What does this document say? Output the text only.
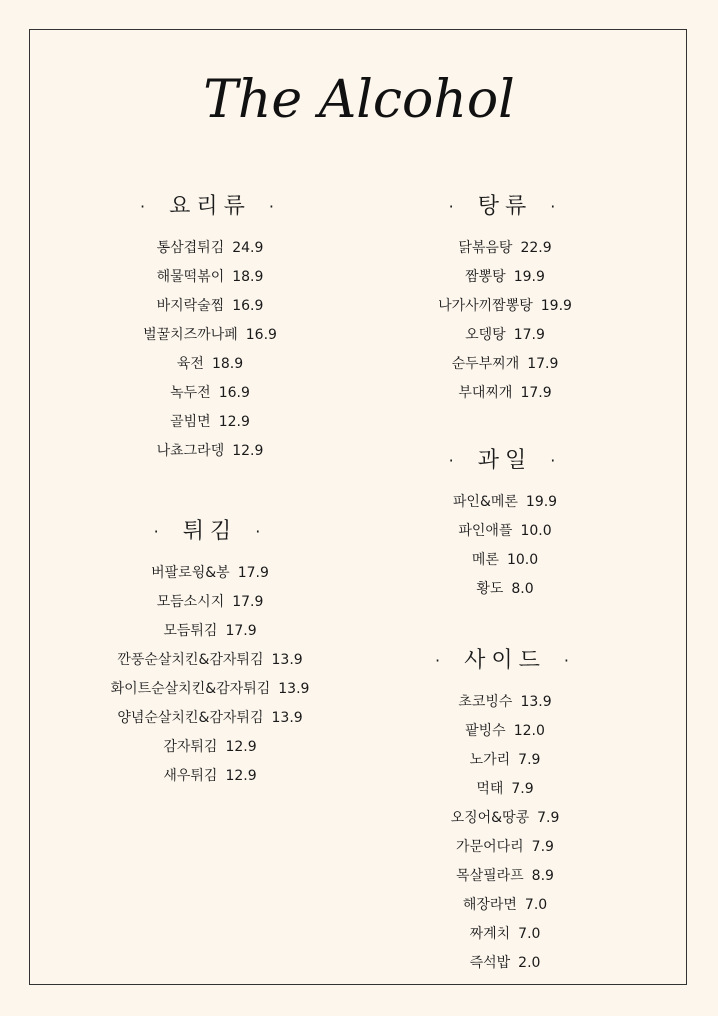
The Alcohol
· 요리류 ·
통삼겹튀김 24.9
해물떡볶이 18.9
바지락술찜 16.9
벌꿀치즈까나페 16.9
육전 18.9
녹두전 16.9
골빔면 12.9
나쵸그라뎅 12.9
· 튀김 ·
버팔로윙&봉 17.9
모듬소시지 17.9
모듬튀김 17.9
깐풍순살치킨&감자튀김 13.9
화이트순살치킨&감자튀김 13.9
양념순살치킨&감자튀김 13.9
감자튀김 12.9
새우튀김 12.9
· 탕류 ·
닭볶음탕 22.9
짬뽕탕 19.9
나가사끼짬뽕탕 19.9
오뎅탕 17.9
순두부찌개 17.9
부대찌개 17.9
· 과일 ·
파인&메론 19.9
파인애플 10.0
메론 10.0
황도 8.0
· 사이드 ·
초코빙수 13.9
팥빙수 12.0
노가리 7.9
먹태 7.9
오징어&땅콩 7.9
가문어다리 7.9
목살필라프 8.9
해장라면 7.0
짜계치 7.0
즉석밥 2.0
